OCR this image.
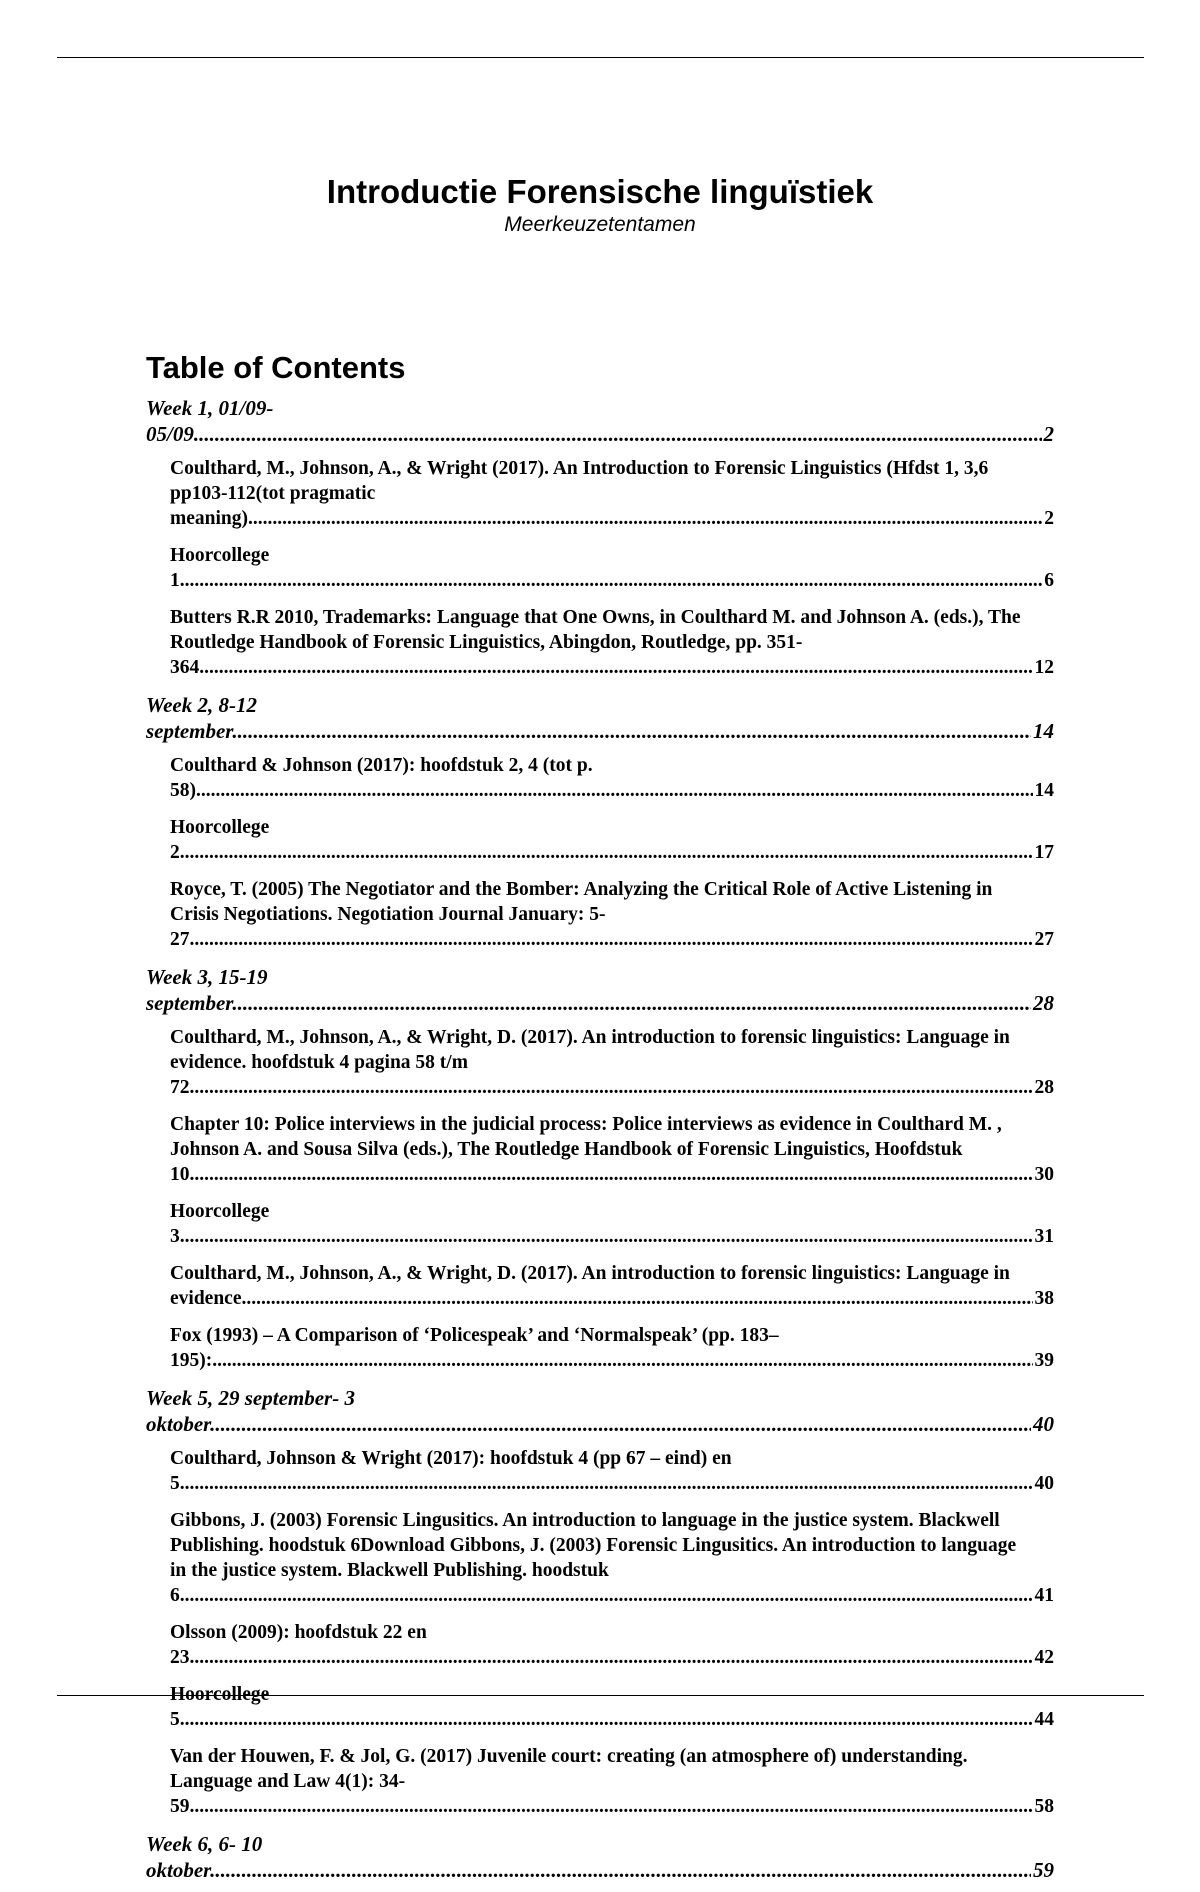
Introductie Forensische linguïstiek

Meerkeuzetentamen

Table of Contents
Week 1, 01/09-05/09 .....	2
Coulthard, M., Johnson, A., & Wright (2017). An Introduction to Forensic Linguistics (Hfdst 1, 3,6 pp103-112(tot pragmatic meaning) .....	2
Hoorcollege 1 .....	6
Butters R.R 2010, Trademarks: Language that One Owns, in Coulthard M. and Johnson A. (eds.), The Routledge Handbook of Forensic Linguistics, Abingdon, Routledge, pp. 351-364. .....	12
Week 2, 8-12 september .....	14
Coulthard & Johnson (2017): hoofdstuk 2, 4 (tot p. 58) .....	14
Hoorcollege 2 .....	17
Royce, T. (2005) The Negotiator and the Bomber: Analyzing the Critical Role of Active Listening in Crisis Negotiations. Negotiation Journal January: 5-27 .....	27
Week 3, 15-19 september .....	28
Coulthard, M., Johnson, A., & Wright, D. (2017). An introduction to forensic linguistics: Language in evidence. hoofdstuk 4 pagina 58 t/m 72 .....	28
Chapter 10: Police interviews in the judicial process: Police interviews as evidence in Coulthard M. , Johnson A. and Sousa Silva (eds.), The Routledge Handbook of Forensic Linguistics, Hoofdstuk 10 .....	30
Hoorcollege 3 .....	31
Coulthard, M., Johnson, A., & Wright, D. (2017). An introduction to forensic linguistics: Language in evidence .....	38
Fox (1993) – A Comparison of ‘Policespeak’ and ‘Normalspeak’ (pp. 183–195): .....	39
Week 5, 29 september- 3 oktober .....	40
Coulthard, Johnson & Wright (2017): hoofdstuk 4 (pp 67 – eind) en 5 .....	40
Gibbons, J. (2003) Forensic Lingusitics. An introduction to language in the justice system. Blackwell Publishing. hoodstuk 6Download Gibbons, J. (2003) Forensic Lingusitics. An introduction to language in the justice system. Blackwell Publishing. hoodstuk 6 .....	41
Olsson (2009): hoofdstuk 22 en 23 .....	42
Hoorcollege 5 .....	44
Van der Houwen, F. & Jol, G. (2017) Juvenile court: creating (an atmosphere of) understanding. Language and Law 4(1): 34-59 .....	58
Week 6, 6- 10 oktober .....	59
